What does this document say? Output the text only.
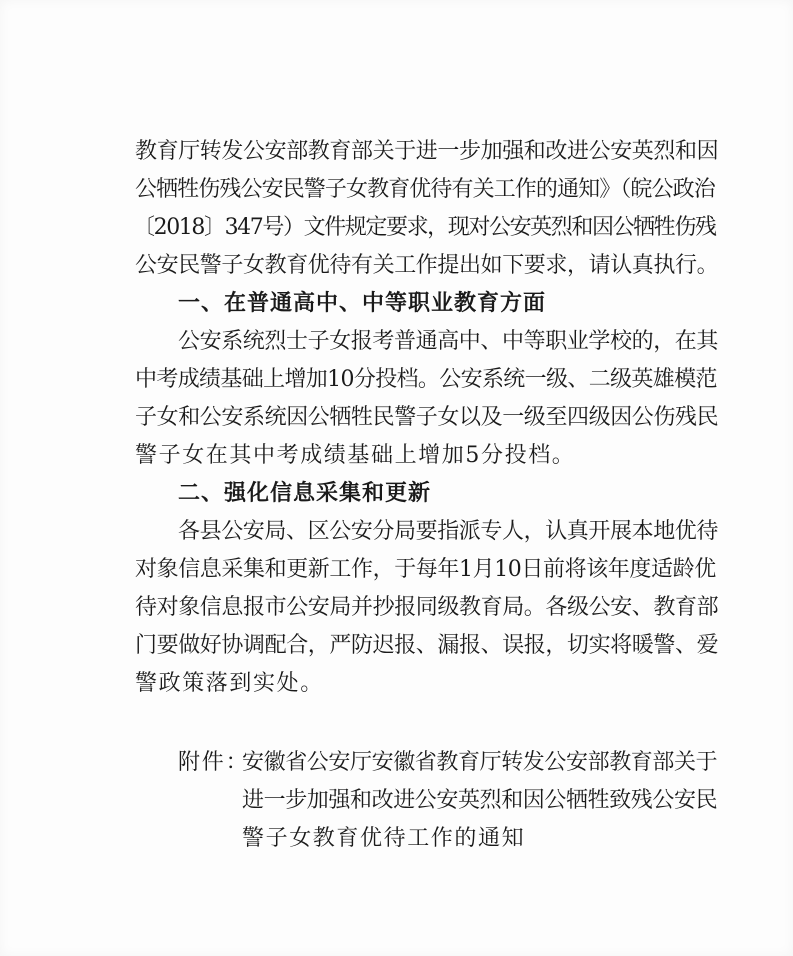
教育厅转发公安部教育部关于进一步加强和改进公安英烈和因
公牺牲伤残公安民警子女教育优待有关工作的通知》（皖公政治
〔2018〕347号）文件规定要求，现对公安英烈和因公牺牲伤残
公安民警子女教育优待有关工作提出如下要求，请认真执行。
一、在普通高中、中等职业教育方面
公安系统烈士子女报考普通高中、中等职业学校的，在其
中考成绩基础上增加10分投档。公安系统一级、二级英雄模范
子女和公安系统因公牺牲民警子女以及一级至四级因公伤残民
警子女在其中考成绩基础上增加5分投档。
二、强化信息采集和更新
各县公安局、区公安分局要指派专人，认真开展本地优待
对象信息采集和更新工作，于每年1月10日前将该年度适龄优
待对象信息报市公安局并抄报同级教育局。各级公安、教育部
门要做好协调配合，严防迟报、漏报、误报，切实将暖警、爱
警政策落到实处。
附件：
安徽省公安厅安徽省教育厅转发公安部教育部关于
进一步加强和改进公安英烈和因公牺牲致残公安民
警子女教育优待工作的通知
